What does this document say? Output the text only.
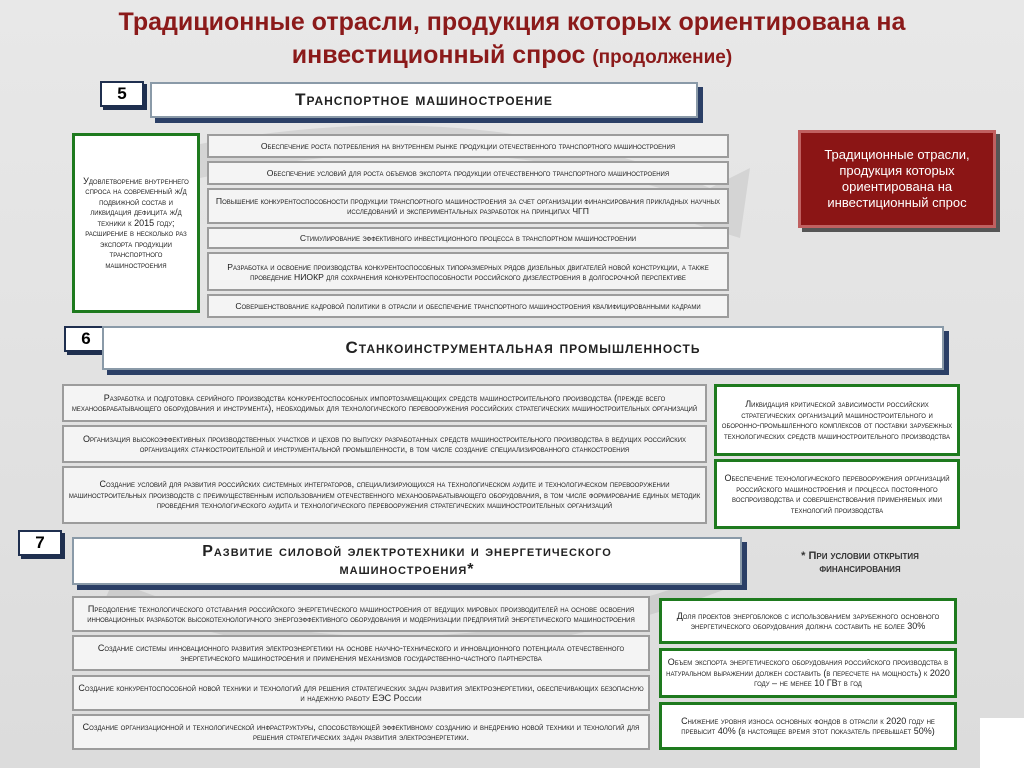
Традиционные отрасли, продукция которых ориентирована на
инвестиционный спрос (продолжение)
5	Транспортное машиностроение
Удовлетворение внутреннего спроса на современный ж/д подвижной состав и ликвидация дефицита ж/д техники к 2015 году; расширение в несколько раз экспорта продукции транспортного машиностроения
Обеспечение роста потребления на внутреннем рынке продукции отечественного транспортного машиностроения
Обеспечение условий для роста объемов экспорта продукции отечественного транспортного машиностроения
Повышение конкурентоспособности продукции транспортного машиностроения за счет организации финансирования прикладных научных исследований и экспериментальных разработок на принципах ЧГП
Стимулирование эффективного инвестиционного процесса в транспортном машиностроении
Разработка и освоение производства конкурентоспособных типоразмерных рядов дизельных двигателей новой конструкции, а также проведение НИОКР для сохранения конкурентоспособности российского дизелестроения в долгосрочной перспективе
Совершенствование кадровой политики в отрасли и обеспечение транспортного машиностроения квалифицированными кадрами
Традиционные отрасли, продукция которых ориентирована на инвестиционный спрос
6	Станкоинструментальная промышленность
Разработка и подготовка серийного производства конкурентоспособных импортозамещающих средств машиностроительного производства (прежде всего механообрабатывающего оборудования и инструмента), необходимых для технологического перевооружения российских стратегических машиностроительных организаций
Организация высокоэффективных производственных участков и цехов по выпуску разработанных средств машиностроительного производства в ведущих российских организациях станкостроительной и инструментальной промышленности, в том числе создание специализированного станкостроения
Создание условий для развития российских системных интеграторов, специализирующихся на технологическом аудите и технологическом перевооружении машиностроительных производств с преимущественным использованием отечественного механообрабатывающего оборудования, в том числе формирование единых методик проведения технологического аудита и технологического перевооружения стратегических машиностроительных организаций
Ликвидация критической зависимости российских стратегических организаций машиностроительного и оборонно-промышленного комплексов от поставки зарубежных технологических средств машиностроительного производства
Обеспечение технологического перевооружения организаций российского машиностроения и процесса постоянного воспроизводства и совершенствования применяемых ими технологий производства
7	Развитие силовой электротехники и энергетического
машиностроения*
* При условии открытия финансирования
Преодоление технологического отставания российского энергетического машиностроения от ведущих мировых производителей на основе освоения инновационных разработок высокотехнологичного энергоэффективного оборудования и модернизации предприятий энергетического машиностроения
Создание системы инновационного развития электроэнергетики на основе научно-технического и инновационного потенциала отечественного энергетического машиностроения и применения механизмов государственно-частного партнерства
Создание конкурентоспособной новой техники и технологий для решения стратегических задач развития электроэнергетики, обеспечивающих безопасную и надежную работу ЕЭС России
Создание организационной и технологической инфраструктуры, способствующей эффективному созданию и внедрению новой техники и технологий для решения стратегических задач развития электроэнергетики.
Доля проектов энергоблоков с использованием зарубежного основного энергетического оборудования должна составить не более 30%
Объем экспорта энергетического оборудования российского производства в натуральном выражении должен составить (в пересчете на мощность) к 2020 году – не менее 10 ГВт в год
Снижение уровня износа основных фондов в отрасли к 2020 году не превысит 40% (в настоящее время этот показатель превышает 50%)
